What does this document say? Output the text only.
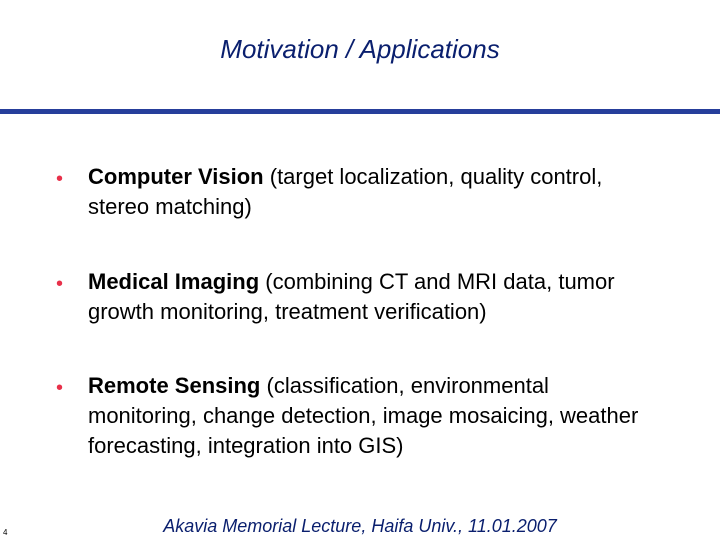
Motivation / Applications
• Computer Vision (target localization, quality control, stereo matching)
• Medical Imaging (combining CT and MRI data, tumor growth monitoring, treatment verification)
• Remote Sensing (classification, environmental monitoring, change detection, image mosaicing, weather forecasting, integration into GIS)
Akavia Memorial Lecture, Haifa Univ., 11.01.2007
4
